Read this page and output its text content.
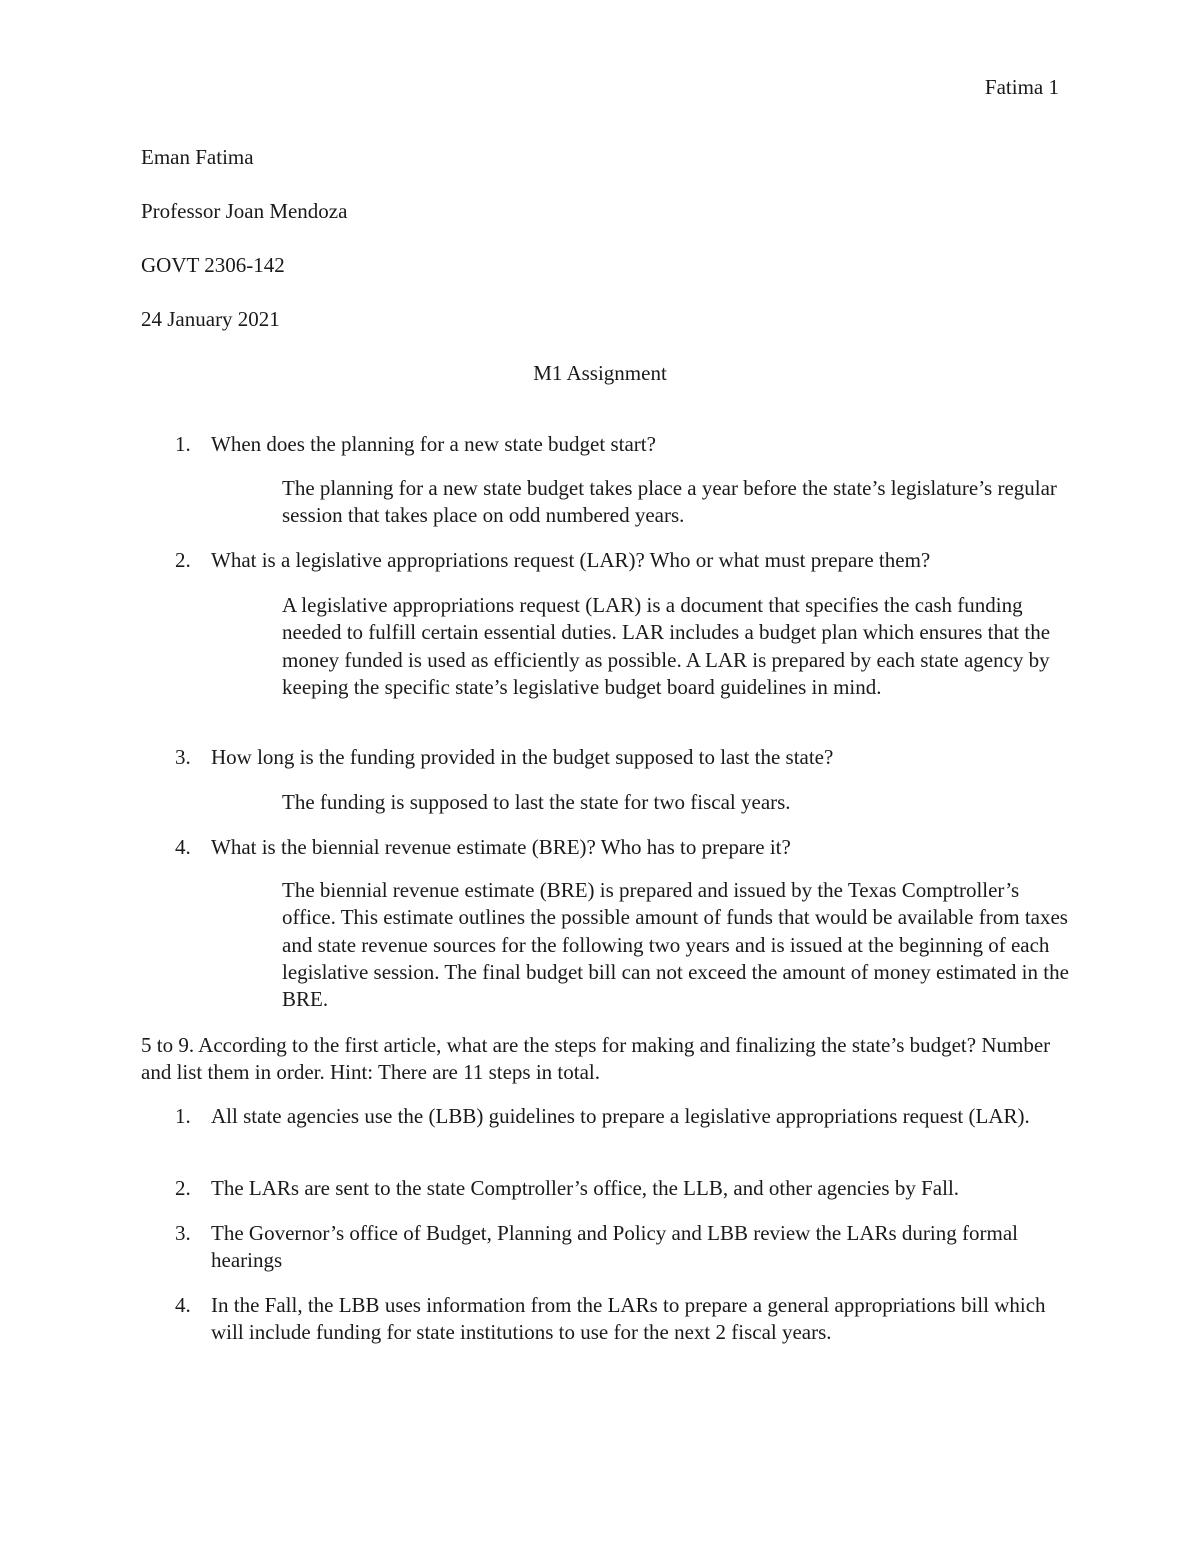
Fatima 1
Eman Fatima
Professor Joan Mendoza
GOVT 2306-142
24 January 2021
M1 Assignment
1. When does the planning for a new state budget start?
The planning for a new state budget takes place a year before the state’s legislature’s regular session that takes place on odd numbered years.
2. What is a legislative appropriations request (LAR)? Who or what must prepare them?
A legislative appropriations request (LAR) is a document that specifies the cash funding needed to fulfill certain essential duties. LAR includes a budget plan which ensures that the money funded is used as efficiently as possible. A LAR is prepared by each state agency by keeping the specific state’s legislative budget board guidelines in mind.
3. How long is the funding provided in the budget supposed to last the state?
The funding is supposed to last the state for two fiscal years.
4. What is the biennial revenue estimate (BRE)? Who has to prepare it?
The biennial revenue estimate (BRE) is prepared and issued by the Texas Comptroller’s office. This estimate outlines the possible amount of funds that would be available from taxes and state revenue sources for the following two years and is issued at the beginning of each legislative session. The final budget bill can not exceed the amount of money estimated in the BRE.
5 to 9. According to the first article, what are the steps for making and finalizing the state’s budget? Number and list them in order. Hint: There are 11 steps in total.
1. All state agencies use the (LBB) guidelines to prepare a legislative appropriations request (LAR).
2. The LARs are sent to the state Comptroller’s office, the LLB, and other agencies by Fall.
3. The Governor’s office of Budget, Planning and Policy and LBB review the LARs during formal hearings
4. In the Fall, the LBB uses information from the LARs to prepare a general appropriations bill which will include funding for state institutions to use for the next 2 fiscal years.
